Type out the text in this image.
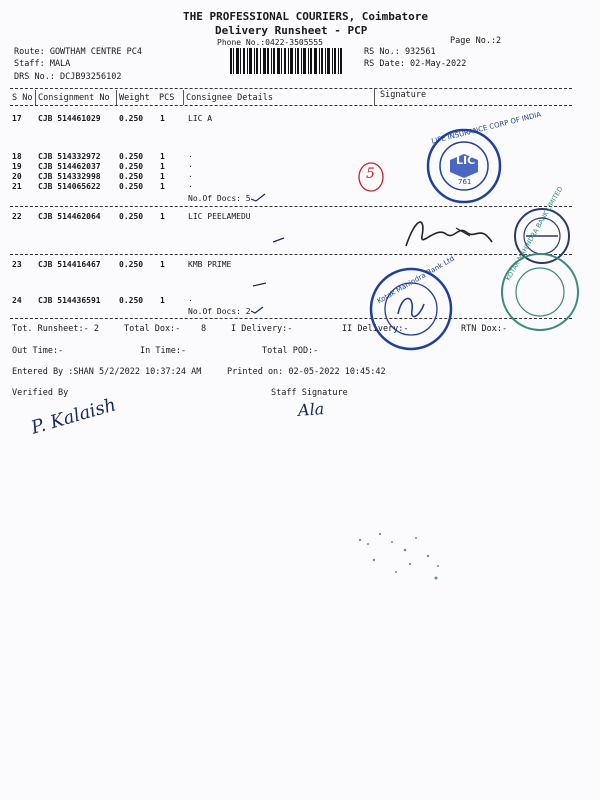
THE PROFESSIONAL COURIERS, Coimbatore
Delivery Runsheet - PCP
Phone No.:0422-3505555	Page No.:2
Route: GOWTHAM CENTRE PC4
Staff: MALA
DRS No.: DCJB93256102
RS No.: 932561
RS Date: 02-May-2022
S No Consignment No Weight PCS Consignee Details	Signature
17 CJB 514461029 0.250 1	LIC A
18 CJB 514332972 0.250 1	.
19 CJB 514462037 0.250 1	.
20 CJB 514332998 0.250 1	.
21 CJB 514065622 0.250 1	.
No.Of Docs: 5
22 CJB 514462064 0.250 1	LIC PEELAMEDU
23 CJB 514416467 0.250 1	KMB PRIME
24 CJB 514436591 0.250 1	.
No.Of Docs: 2
Tot. Runsheet:- 2	Total Dox:- 8	I Delivery:-	II Delivery:-	RTN Dox:-
Out Time:-	In Time:-	Total POD:-
Entered By :SHAN 5/2/2022 10:37:24 AM	Printed on: 02-05-2022 10:45:42
Verified By	Staff Signature
P. Kalaish	Ala
5
LIC
LIFE INSURANCE CORP OF INDIA
761
Kotak Mahindra Bank Ltd	KOTAK MAHINDRA BANK LIMITED
